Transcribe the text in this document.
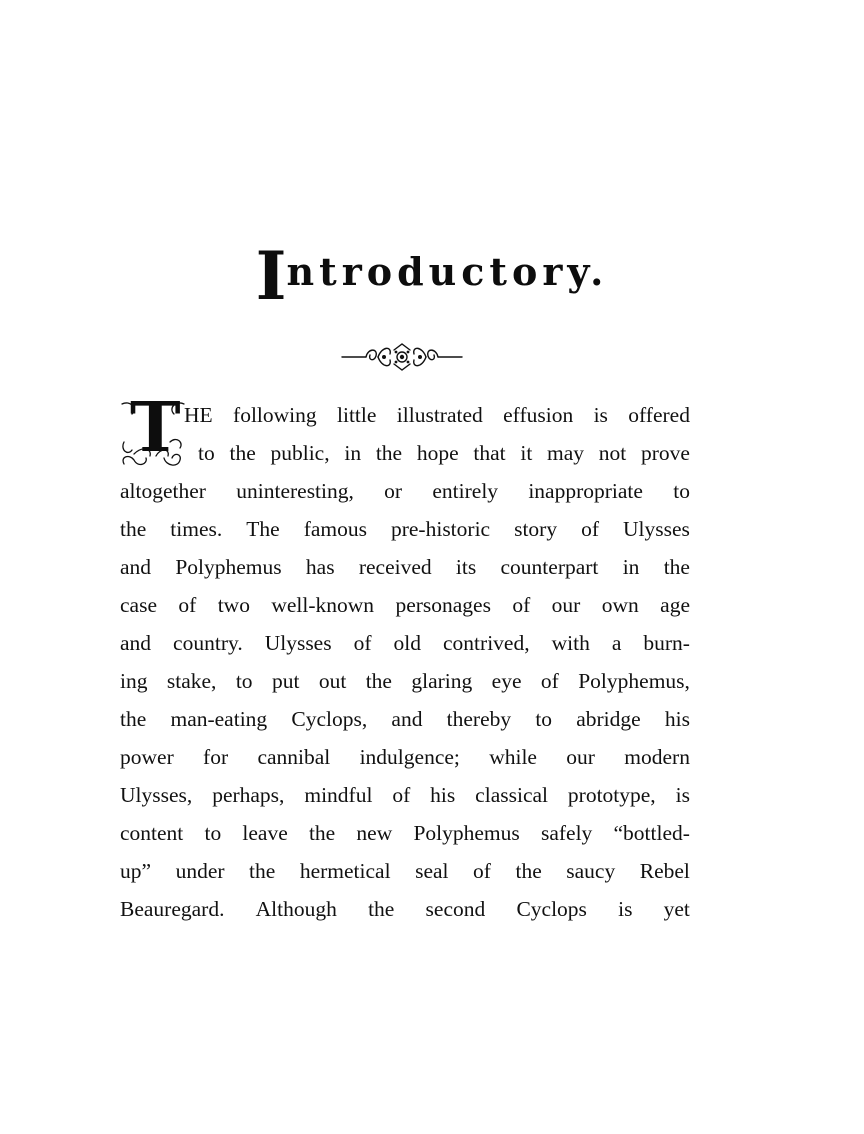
Introductory.
T HE following little illustrated effusion is offered
to the public, in the hope that it may not prove
altogether uninteresting, or entirely inappropriate to
the times. The famous pre-historic story of Ulysses
and Polyphemus has received its counterpart in the
case of two well-known personages of our own age
and country. Ulysses of old contrived, with a burn-
ing stake, to put out the glaring eye of Polyphemus,
the man-eating Cyclops, and thereby to abridge his
power for cannibal indulgence; while our modern
Ulysses, perhaps, mindful of his classical prototype, is
content to leave the new Polyphemus safely “bottled-
up” under the hermetical seal of the saucy Rebel
Beauregard. Although the second Cyclops is yet
